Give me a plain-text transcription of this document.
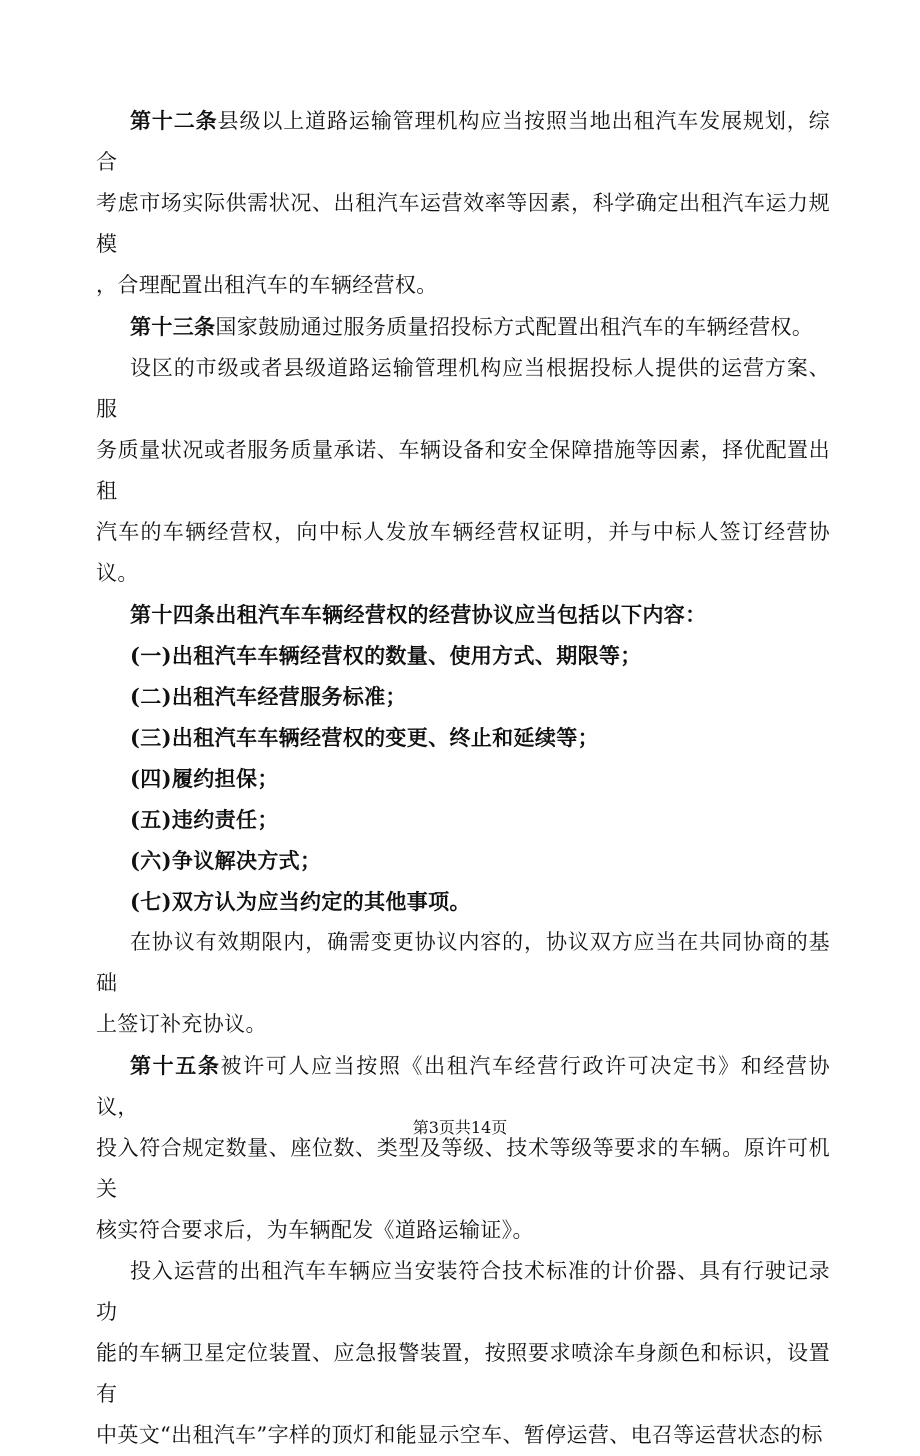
第十二条县级以上道路运输管理机构应当按照当地出租汽车发展规划，综合
考虑市场实际供需状况、出租汽车运营效率等因素，科学确定出租汽车运力规模
，合理配置出租汽车的车辆经营权。

第十三条国家鼓励通过服务质量招投标方式配置出租汽车的车辆经营权。

设区的市级或者县级道路运输管理机构应当根据投标人提供的运营方案、服
务质量状况或者服务质量承诺、车辆设备和安全保障措施等因素，择优配置出租
汽车的车辆经营权，向中标人发放车辆经营权证明，并与中标人签订经营协议。

第十四条出租汽车车辆经营权的经营协议应当包括以下内容：

(一)出租汽车车辆经营权的数量、使用方式、期限等；

(二)出租汽车经营服务标准；

(三)出租汽车车辆经营权的变更、终止和延续等；

(四)履约担保；

(五)违约责任；

(六)争议解决方式；

(七)双方认为应当约定的其他事项。

在协议有效期限内，确需变更协议内容的，协议双方应当在共同协商的基础
上签订补充协议。

第十五条被许可人应当按照《出租汽车经营行政许可决定书》和经营协议，
投入符合规定数量、座位数、类型及等级、技术等级等要求的车辆。原许可机关
核实符合要求后，为车辆配发《道路运输证》。

投入运营的出租汽车车辆应当安装符合技术标准的计价器、具有行驶记录功
能的车辆卫星定位装置、应急报警装置，按照要求喷涂车身颜色和标识，设置有
中英文“出租汽车”字样的顶灯和能显示空车、暂停运营、电召等运营状态的标

第3页共14页
